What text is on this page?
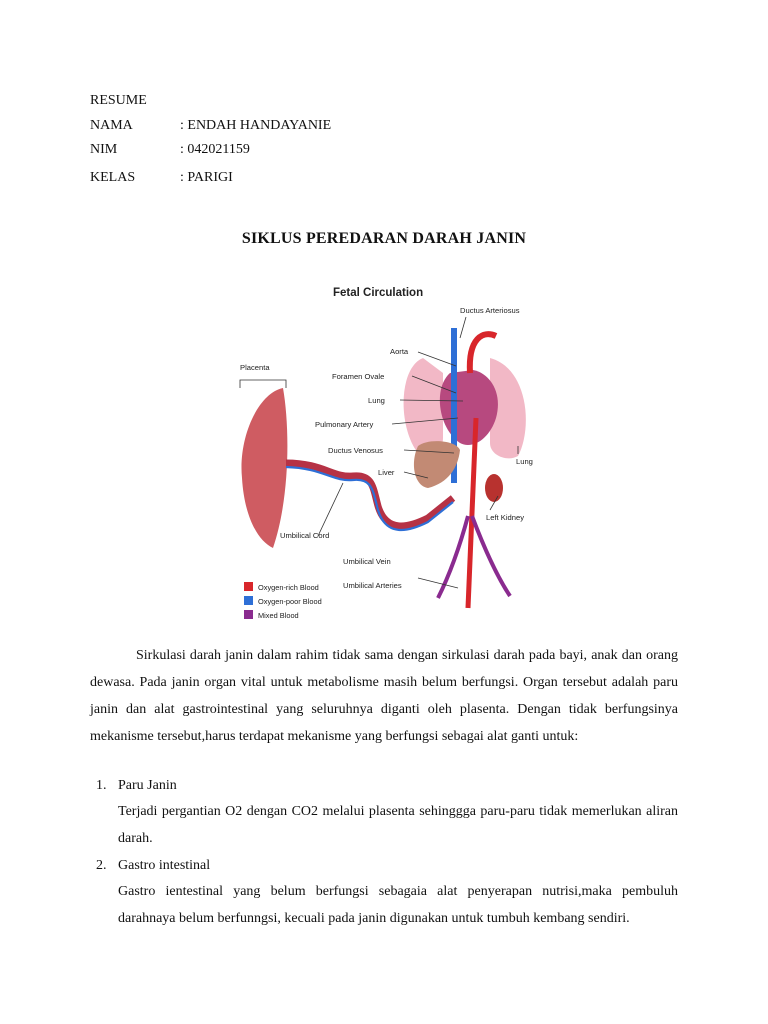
RESUME
NAMA	: ENDAH HANDAYANIE
NIM	: 042021159
KELAS	: PARIGI
SIKLUS PEREDARAN DARAH JANIN
Fetal Circulation
Ductus Arteriosus
Aorta
Foramen Ovale
Lung
Pulmonary Artery
Ductus Venosus
Liver
Lung
Placenta
Left Kidney
Umbilical Cord
Umbilical Vein
Umbilical Arteries
Oxygen-rich Blood
Oxygen-poor Blood
Mixed Blood

Sirkulasi darah janin dalam rahim tidak sama dengan sirkulasi darah pada bayi, anak dan orang dewasa. Pada janin organ vital untuk metabolisme masih belum berfungsi. Organ tersebut adalah paru janin dan alat gastrointestinal yang seluruhnya diganti oleh plasenta. Dengan tidak berfungsinya mekanisme tersebut,harus terdapat mekanisme yang berfungsi sebagai alat ganti untuk:

1. Paru Janin
Terjadi pergantian O2 dengan CO2 melalui plasenta sehinggga paru-paru tidak memerlukan aliran darah.
2. Gastro intestinal
Gastro ientestinal yang belum berfungsi sebagaia alat penyerapan nutrisi,maka pembuluh darahnaya belum berfunngsi, kecuali pada janin digunakan untuk tumbuh kembang sendiri.
